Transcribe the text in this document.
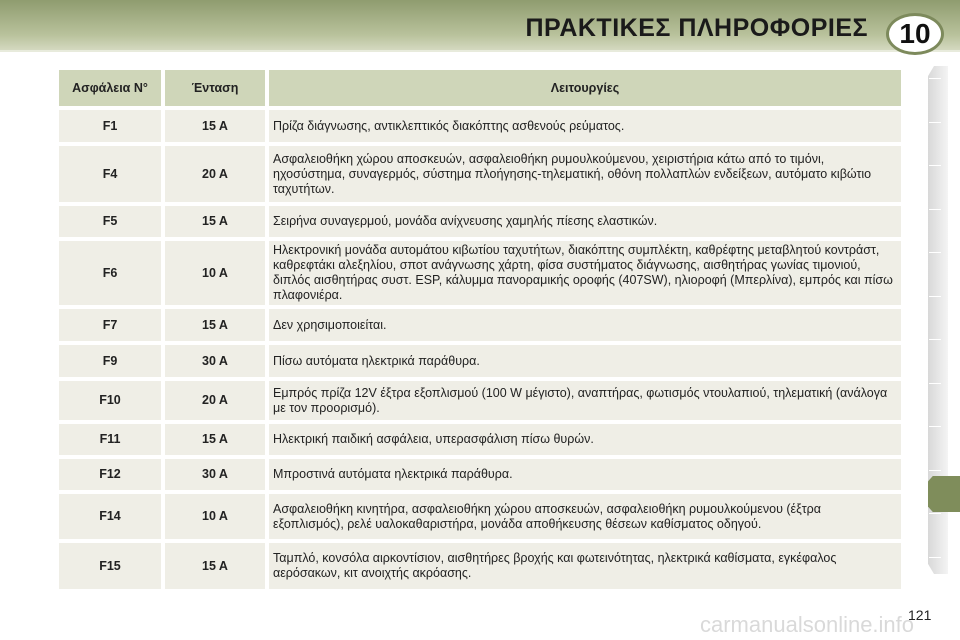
ΠΡΑΚΤΙΚΕΣ ΠΛΗΡΟΦΟΡΙΕΣ	10
Ασφάλεια N°	Ένταση	Λειτουργίες
F1	15 A	Πρίζα διάγνωσης, αντικλεπτικός διακόπτης ασθενούς ρεύματος.
F4	20 A	Ασφαλειοθήκη χώρου αποσκευών, ασφαλειοθήκη ρυμουλκούμενου, χειριστήρια κάτω από το τιμόνι, ηχοσύστημα, συναγερμός, σύστημα πλοήγησης-τηλεματική, οθόνη πολλαπλών ενδείξεων, αυτόματο κιβώτιο ταχυτήτων.
F5	15 A	Σειρήνα συναγερμού, μονάδα ανίχνευσης χαμηλής πίεσης ελαστικών.
F6	10 A	Ηλεκτρονική μονάδα αυτομάτου κιβωτίου ταχυτήτων, διακόπτης συμπλέκτη, καθρέφτης μεταβλητού κοντράστ, καθρεφτάκι αλεξηλίου, σποτ ανάγνωσης χάρτη, φίσα συστήματος διάγνωσης, αισθητήρας γωνίας τιμονιού, διπλός αισθητήρας συστ. ESP, κάλυμμα πανοραμικής οροφής (407SW), ηλιοροφή (Μπερλίνα), εμπρός και πίσω πλαφονιέρα.
F7	15 A	Δεν χρησιμοποιείται.
F9	30 A	Πίσω αυτόματα ηλεκτρικά παράθυρα.
F10	20 A	Εμπρός πρίζα 12V έξτρα εξοπλισμού (100 W μέγιστο), αναπτήρας, φωτισμός ντουλαπιού, τηλεματική (ανάλογα με τον προορισμό).
F11	15 A	Ηλεκτρική παιδική ασφάλεια, υπερασφάλιση πίσω θυρών.
F12	30 A	Μπροστινά αυτόματα ηλεκτρικά παράθυρα.
F14	10 A	Ασφαλειοθήκη κινητήρα, ασφαλειοθήκη χώρου αποσκευών, ασφαλειοθήκη ρυμουλκούμενου (έξτρα εξοπλισμός), ρελέ υαλοκαθαριστήρα, μονάδα αποθήκευσης θέσεων καθίσματος οδηγού.
F15	15 A	Ταμπλό, κονσόλα αιρκοντίσιον, αισθητήρες βροχής και φωτεινότητας, ηλεκτρικά καθίσματα, εγκέφαλος αερόσακων, κιτ ανοιχτής ακρόασης.
carmanualsonline.info
121
